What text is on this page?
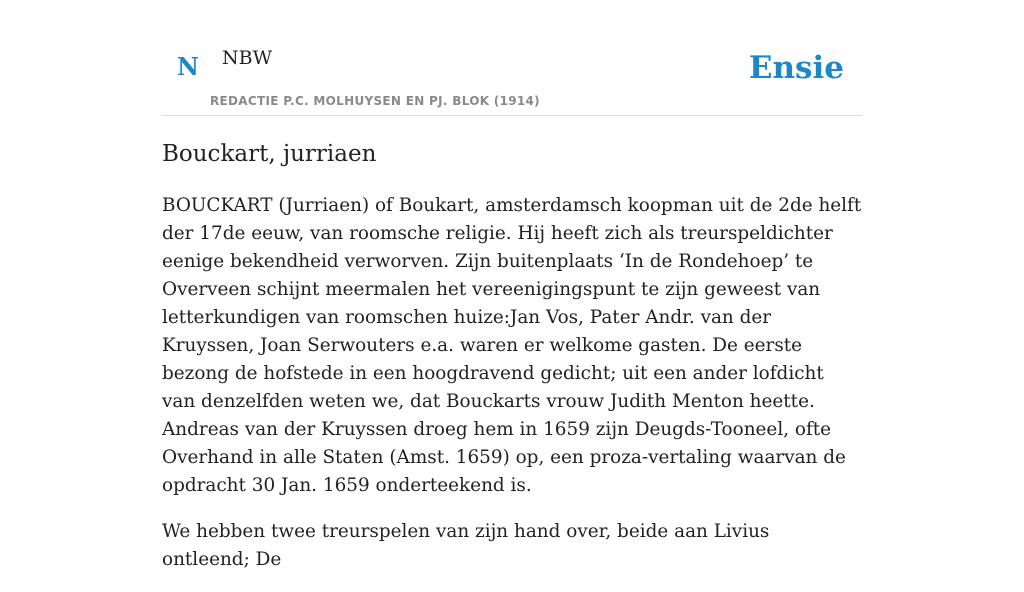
N NBW
REDACTIE P.C. MOLHUYSEN EN PJ. BLOK (1914)
Ensie
Bouckart, jurriaen

BOUCKART (Jurriaen) of Boukart, amsterdamsch koopman uit de 2de helft der 17de eeuw, van roomsche religie. Hij heeft zich als treurspeldichter eenige bekendheid verworven. Zijn buitenplaats ‘In de Rondehoep’ te Overveen schijnt meermalen het vereenigingspunt te zijn geweest van letterkundigen van roomschen huize:Jan Vos, Pater Andr. van der Kruyssen, Joan Serwouters e.a. waren er welkome gasten. De eerste bezong de hofstede in een hoogdravend gedicht; uit een ander lofdicht van denzelfden weten we, dat Bouckarts vrouw Judith Menton heette. Andreas van der Kruyssen droeg hem in 1659 zijn Deugds-Tooneel, ofte Overhand in alle Staten (Amst. 1659) op, een proza-vertaling waarvan de opdracht 30 Jan. 1659 onderteekend is.

We hebben twee treurspelen van zijn hand over, beide aan Livius ontleend; De
